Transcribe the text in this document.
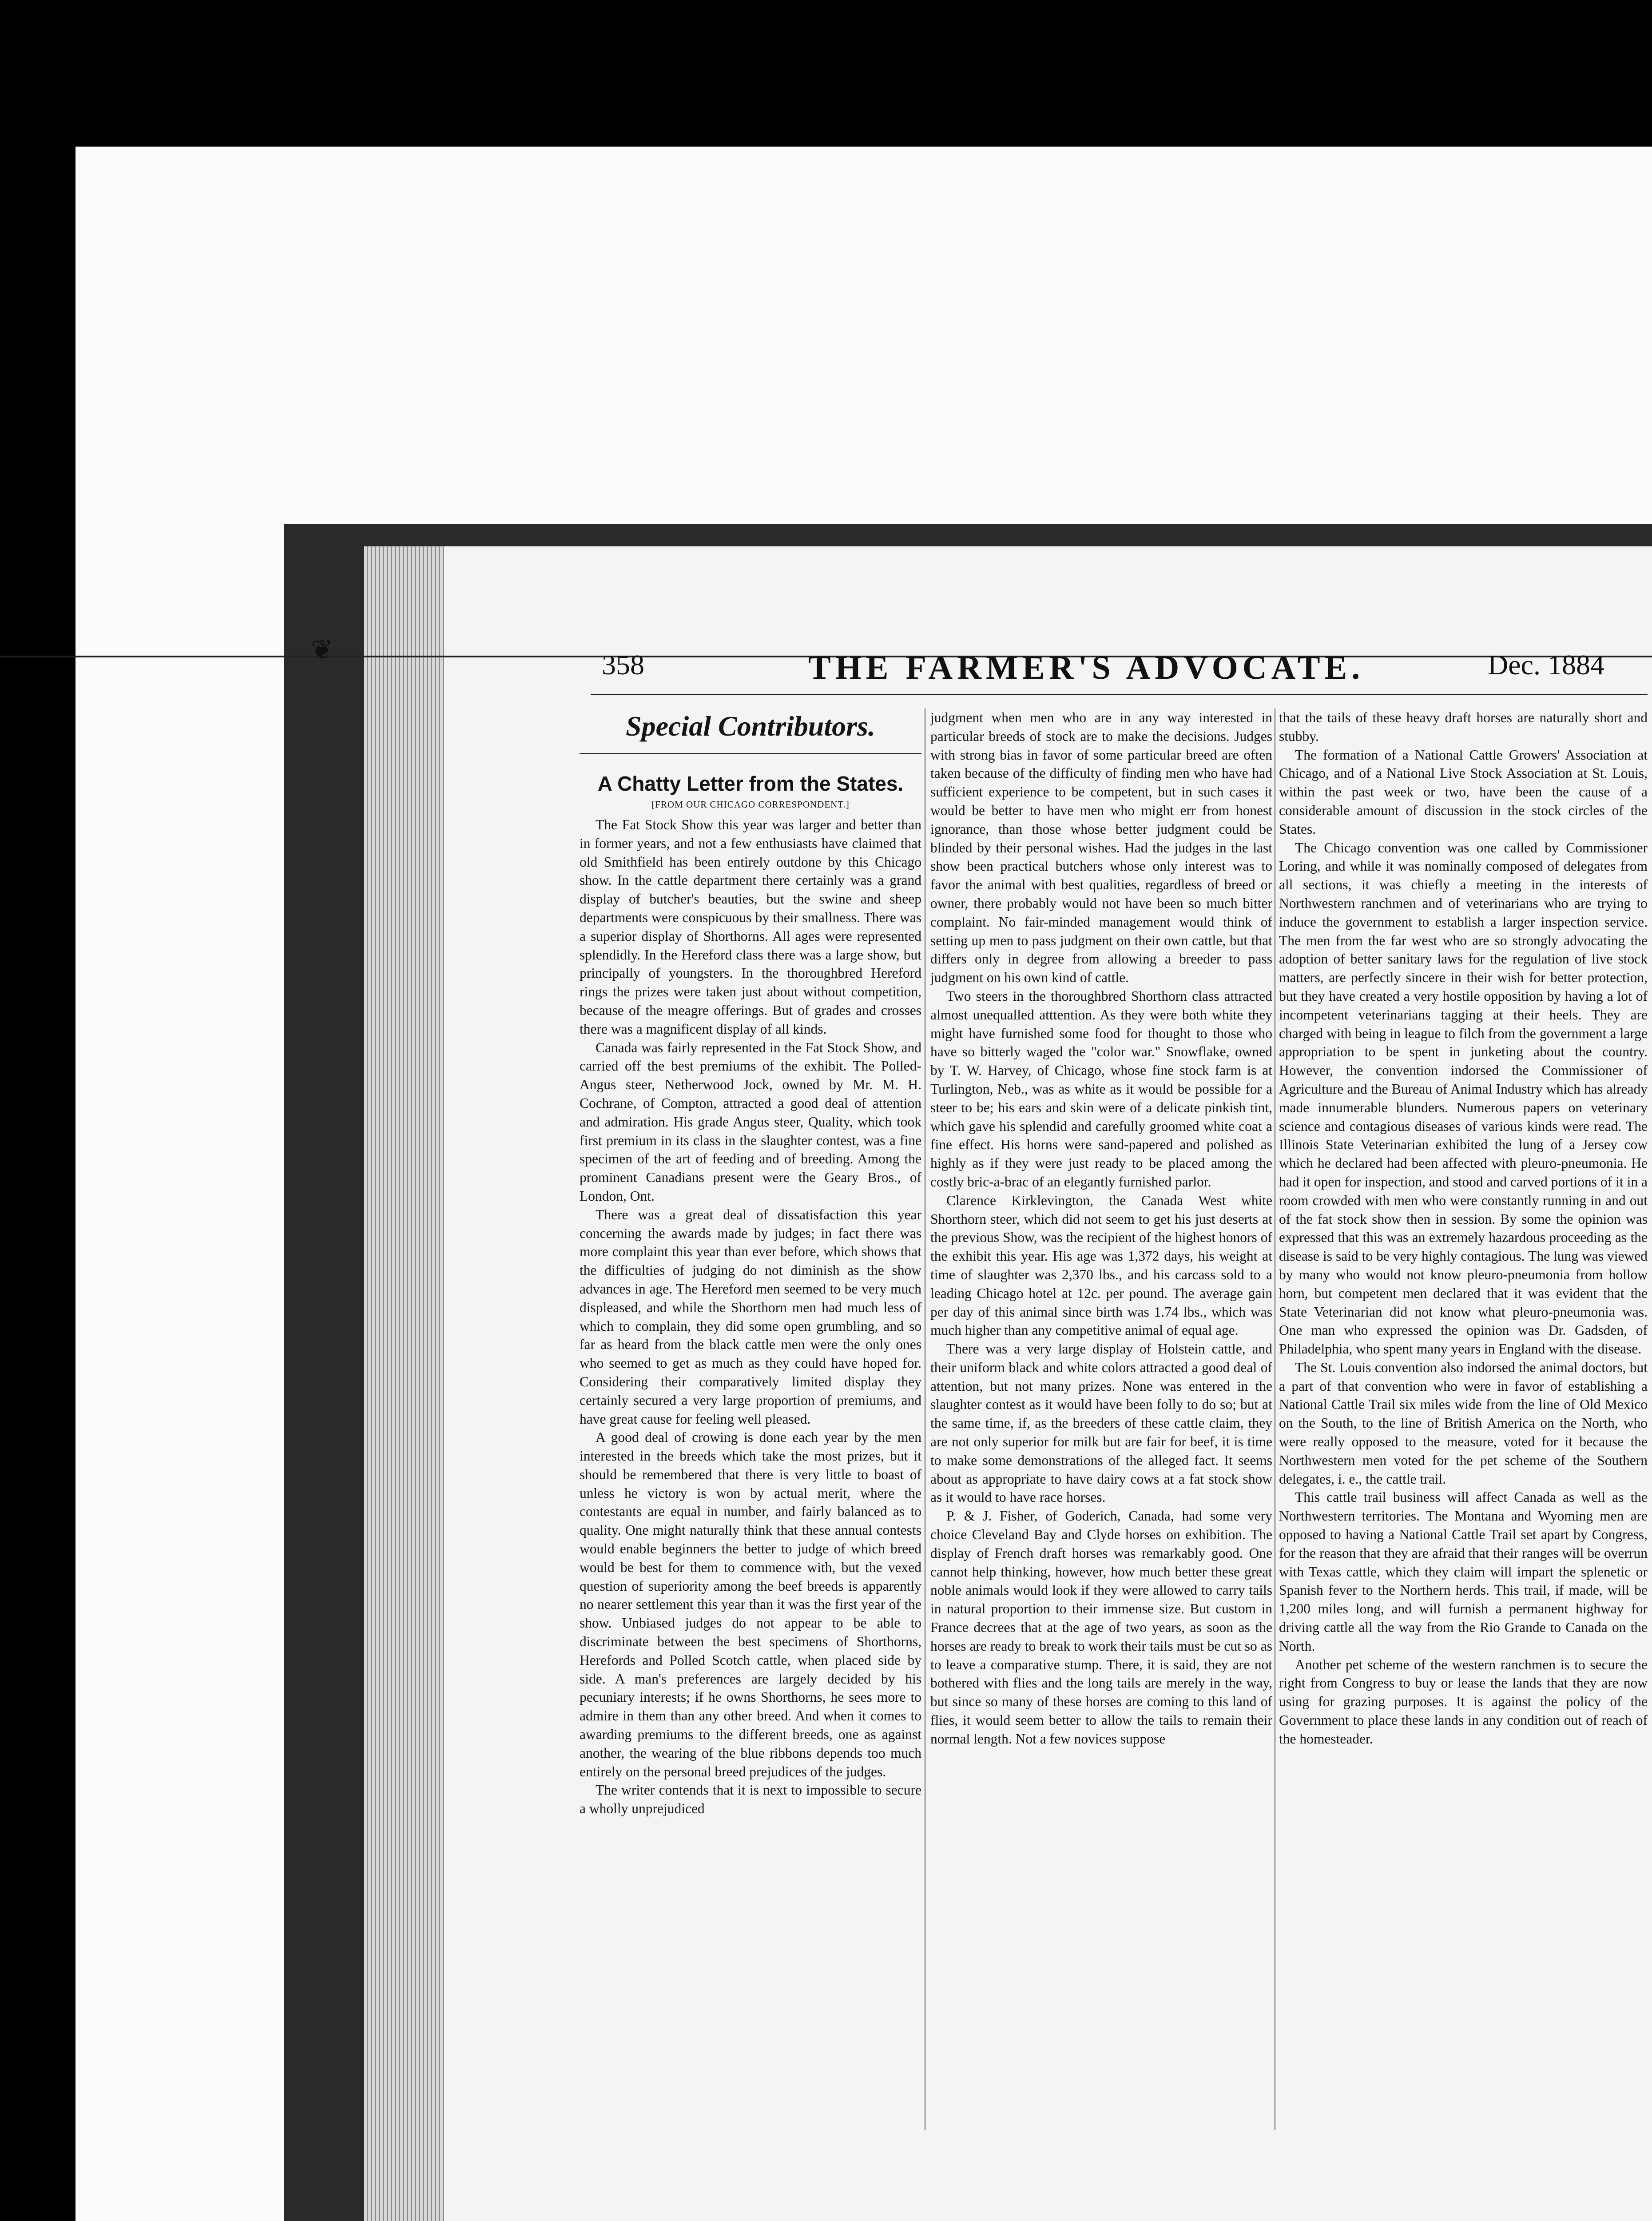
❦	358	THE FARMER'S ADVOCATE.	Dec. 1884
Special Contributors.
A Chatty Letter from the States.
[FROM OUR CHICAGO CORRESPONDENT.]

The Fat Stock Show this year was larger and better than in former years, and not a few enthusiasts have claimed that old Smithfield has been entirely outdone by this Chicago show. In the cattle department there certainly was a grand display of butcher's beauties, but the swine and sheep departments were conspicuous by their smallness. There was a superior display of Shorthorns. All ages were represented splendidly. In the Hereford class there was a large show, but principally of youngsters. In the thoroughbred Hereford rings the prizes were taken just about without competition, because of the meagre offerings. But of grades and crosses there was a magnificent display of all kinds.

Canada was fairly represented in the Fat Stock Show, and carried off the best premiums of the exhibit. The Polled-Angus steer, Netherwood Jock, owned by Mr. M. H. Cochrane, of Compton, attracted a good deal of attention and admiration. His grade Angus steer, Quality, which took first premium in its class in the slaughter contest, was a fine specimen of the art of feeding and of breeding. Among the prominent Canadians present were the Geary Bros., of London, Ont.

There was a great deal of dissatisfaction this year concerning the awards made by judges; in fact there was more complaint this year than ever before, which shows that the difficulties of judging do not diminish as the show advances in age. The Hereford men seemed to be very much displeased, and while the Shorthorn men had much less of which to complain, they did some open grumbling, and so far as heard from the black cattle men were the only ones who seemed to get as much as they could have hoped for. Considering their comparatively limited display they certainly secured a very large proportion of premiums, and have great cause for feeling well pleased.

A good deal of crowing is done each year by the men interested in the breeds which take the most prizes, but it should be remembered that there is very little to boast of unless he victory is won by actual merit, where the contestants are equal in number, and fairly balanced as to quality. One might naturally think that these annual contests would enable beginners the better to judge of which breed would be best for them to commence with, but the vexed question of superiority among the beef breeds is apparently no nearer settlement this year than it was the first year of the show. Unbiased judges do not appear to be able to discriminate between the best specimens of Shorthorns, Herefords and Polled Scotch cattle, when placed side by side. A man's preferences are largely decided by his pecuniary interests; if he owns Shorthorns, he sees more to admire in them than any other breed. And when it comes to awarding premiums to the different breeds, one as against another, the wearing of the blue ribbons depends too much entirely on the personal breed prejudices of the judges.

The writer contends that it is next to impossible to secure a wholly unprejudiced

judgment when men who are in any way interested in particular breeds of stock are to make the decisions. Judges with strong bias in favor of some particular breed are often taken because of the difficulty of finding men who have had sufficient experience to be competent, but in such cases it would be better to have men who might err from honest ignorance, than those whose better judgment could be blinded by their personal wishes. Had the judges in the last show been practical butchers whose only interest was to favor the animal with best qualities, regardless of breed or owner, there probably would not have been so much bitter complaint. No fair-minded management would think of setting up men to pass judgment on their own cattle, but that differs only in degree from allowing a breeder to pass judgment on his own kind of cattle.

Two steers in the thoroughbred Shorthorn class attracted almost unequalled atttention. As they were both white they might have furnished some food for thought to those who have so bitterly waged the "color war." Snowflake, owned by T. W. Harvey, of Chicago, whose fine stock farm is at Turlington, Neb., was as white as it would be possible for a steer to be; his ears and skin were of a delicate pinkish tint, which gave his splendid and carefully groomed white coat a fine effect. His horns were sand-papered and polished as highly as if they were just ready to be placed among the costly bric-a-brac of an elegantly furnished parlor.

Clarence Kirklevington, the Canada West white Shorthorn steer, which did not seem to get his just deserts at the previous Show, was the recipient of the highest honors of the exhibit this year. His age was 1,372 days, his weight at time of slaughter was 2,370 lbs., and his carcass sold to a leading Chicago hotel at 12c. per pound. The average gain per day of this animal since birth was 1.74 lbs., which was much higher than any competitive animal of equal age.

There was a very large display of Holstein cattle, and their uniform black and white colors attracted a good deal of attention, but not many prizes. None was entered in the slaughter contest as it would have been folly to do so; but at the same time, if, as the breeders of these cattle claim, they are not only superior for milk but are fair for beef, it is time to make some demonstrations of the alleged fact. It seems about as appropriate to have dairy cows at a fat stock show as it would to have race horses.

P. & J. Fisher, of Goderich, Canada, had some very choice Cleveland Bay and Clyde horses on exhibition. The display of French draft horses was remarkably good. One cannot help thinking, however, how much better these great noble animals would look if they were allowed to carry tails in natural proportion to their immense size. But custom in France decrees that at the age of two years, as soon as the horses are ready to break to work their tails must be cut so as to leave a comparative stump. There, it is said, they are not bothered with flies and the long tails are merely in the way, but since so many of these horses are coming to this land of flies, it would seem better to allow the tails to remain their normal length. Not a few novices suppose

that the tails of these heavy draft horses are naturally short and stubby.

The formation of a National Cattle Growers' Association at Chicago, and of a National Live Stock Association at St. Louis, within the past week or two, have been the cause of a considerable amount of discussion in the stock circles of the States.

The Chicago convention was one called by Commissioner Loring, and while it was nominally composed of delegates from all sections, it was chiefly a meeting in the interests of Northwestern ranchmen and of veterinarians who are trying to induce the government to establish a larger inspection service. The men from the far west who are so strongly advocating the adoption of better sanitary laws for the regulation of live stock matters, are perfectly sincere in their wish for better protection, but they have created a very hostile opposition by having a lot of incompetent veterinarians tagging at their heels. They are charged with being in league to filch from the government a large appropriation to be spent in junketing about the country. However, the convention indorsed the Commissioner of Agriculture and the Bureau of Animal Industry which has already made innumerable blunders. Numerous papers on veterinary science and contagious diseases of various kinds were read. The Illinois State Veterinarian exhibited the lung of a Jersey cow which he declared had been affected with pleuro-pneumonia. He had it open for inspection, and stood and carved portions of it in a room crowded with men who were constantly running in and out of the fat stock show then in session. By some the opinion was expressed that this was an extremely hazardous proceeding as the disease is said to be very highly contagious. The lung was viewed by many who would not know pleuro-pneumonia from hollow horn, but competent men declared that it was evident that the State Veterinarian did not know what pleuro-pneumonia was. One man who expressed the opinion was Dr. Gadsden, of Philadelphia, who spent many years in England with the disease.

The St. Louis convention also indorsed the animal doctors, but a part of that convention who were in favor of establishing a National Cattle Trail six miles wide from the line of Old Mexico on the South, to the line of British America on the North, who were really opposed to the measure, voted for it because the Northwestern men voted for the pet scheme of the Southern delegates, i. e., the cattle trail.

This cattle trail business will affect Canada as well as the Northwestern territories. The Montana and Wyoming men are opposed to having a National Cattle Trail set apart by Congress, for the reason that they are afraid that their ranges will be overrun with Texas cattle, which they claim will impart the splenetic or Spanish fever to the Northern herds. This trail, if made, will be 1,200 miles long, and will furnish a permanent highway for driving cattle all the way from the Rio Grande to Canada on the North.

Another pet scheme of the western ranchmen is to secure the right from Congress to buy or lease the lands that they are now using for grazing purposes. It is against the policy of the Government to place these lands in any condition out of reach of the homesteader.
